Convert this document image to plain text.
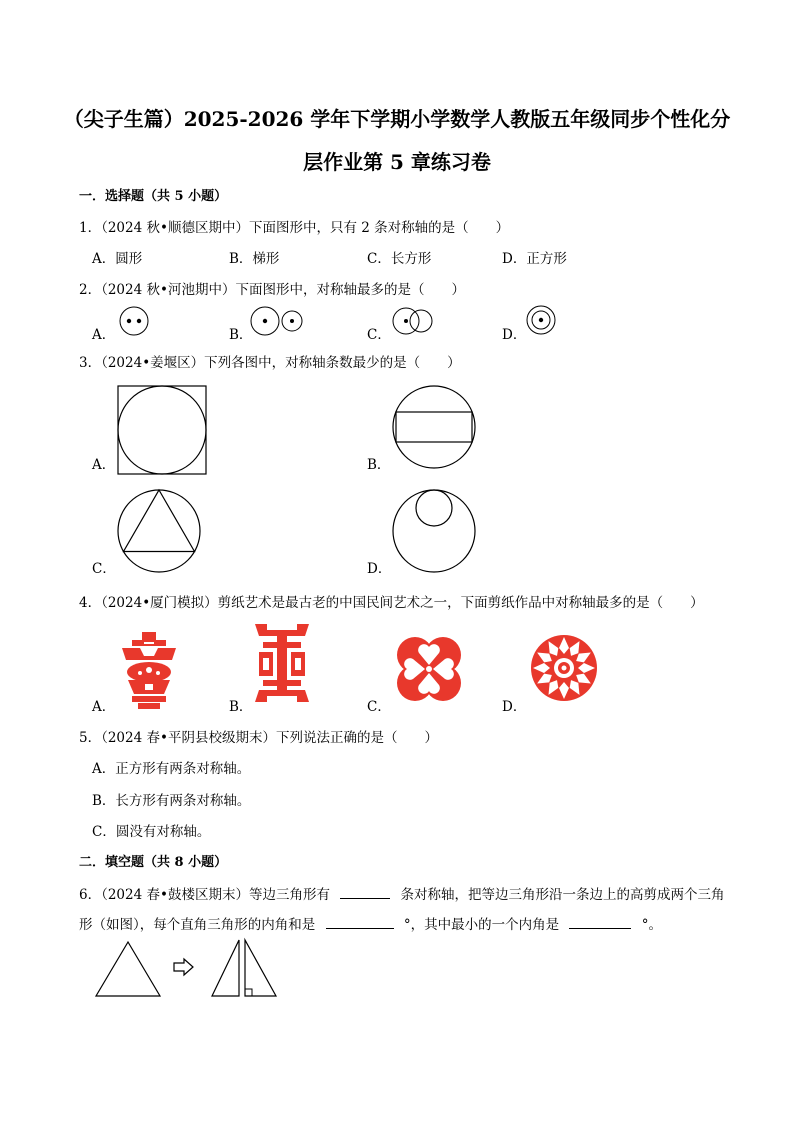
（尖子生篇）2025-2026 学年下学期小学数学人教版五年级同步个性化分
层作业第 5 章练习卷
一．选择题（共 5 小题）
1．（2024 秋•顺德区期中）下面图形中，只有 2 条对称轴的是（　　）
A．圆形	B．梯形	C．长方形	D．正方形
2．（2024 秋•河池期中）下面图形中，对称轴最多的是（　　）
A．	B．	C．	D．
3．（2024•姜堰区）下列各图中，对称轴条数最少的是（　　）
A．	B．
C．	D．
4．（2024•厦门模拟）剪纸艺术是最古老的中国民间艺术之一，下面剪纸作品中对称轴最多的是（　　）
A．	B．	C．	D．
5．（2024 春•平阴县校级期末）下列说法正确的是（　　）
A．正方形有两条对称轴。
B．长方形有两条对称轴。
C．圆没有对称轴。
二．填空题（共 8 小题）
6．（2024 春•鼓楼区期末）等边三角形有	条对称轴，把等边三角形沿一条边上的高剪成两个三角
形（如图），每个直角三角形的内角和是	°，其中最小的一个内角是	°。
